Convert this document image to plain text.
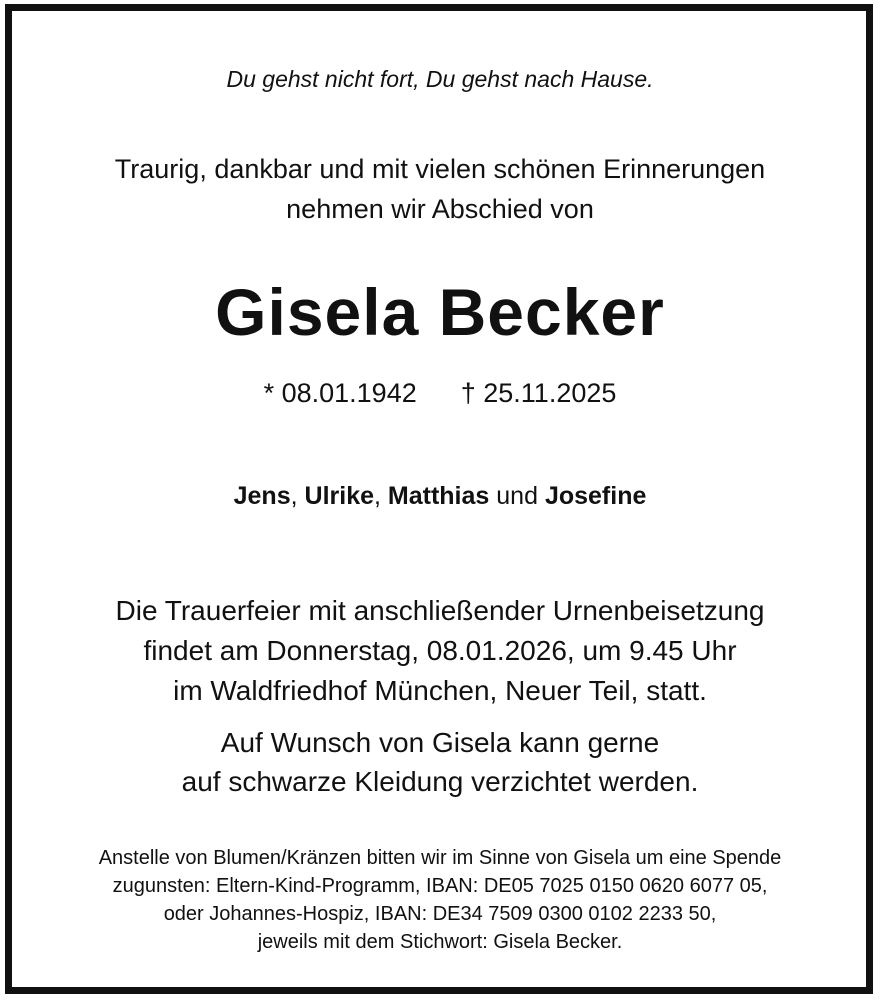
Du gehst nicht fort, Du gehst nach Hause.
Traurig, dankbar und mit vielen schönen Erinnerungen
nehmen wir Abschied von
Gisela Becker
* 08.01.1942 † 25.11.2025
Jens, Ulrike, Matthias und Josefine
Die Trauerfeier mit anschließender Urnenbeisetzung
findet am Donnerstag, 08.01.2026, um 9.45 Uhr
im Waldfriedhof München, Neuer Teil, statt.
Auf Wunsch von Gisela kann gerne
auf schwarze Kleidung verzichtet werden.
Anstelle von Blumen/Kränzen bitten wir im Sinne von Gisela um eine Spende
zugunsten: Eltern-Kind-Programm, IBAN: DE05 7025 0150 0620 6077 05,
oder Johannes-Hospiz, IBAN: DE34 7509 0300 0102 2233 50,
jeweils mit dem Stichwort: Gisela Becker.
